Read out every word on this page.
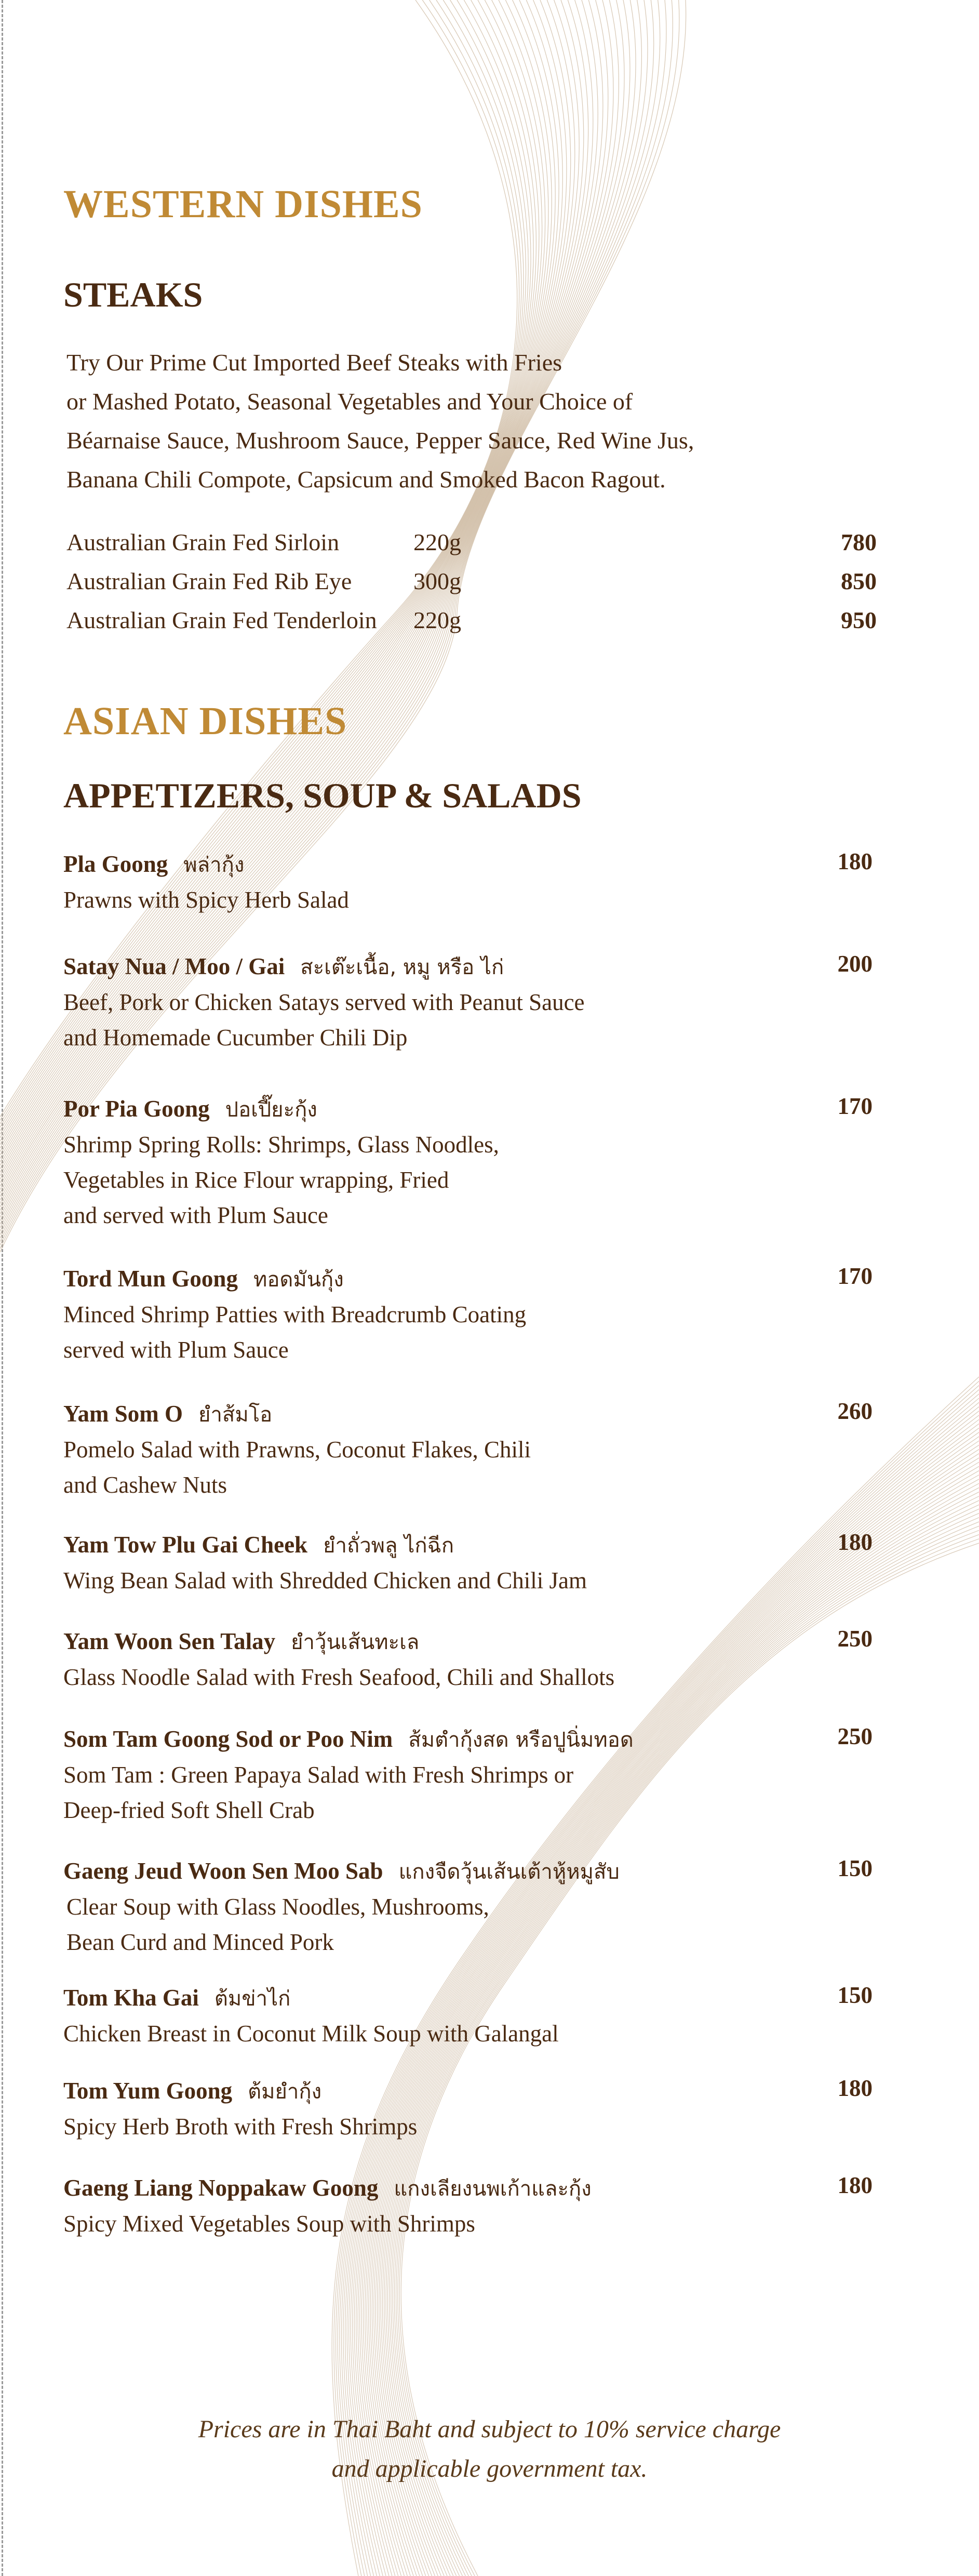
WESTERN DISHES
STEAKS
Try Our Prime Cut Imported Beef Steaks with Fries
or Mashed Potato, Seasonal Vegetables and Your Choice of
Béarnaise Sauce, Mushroom Sauce, Pepper Sauce, Red Wine Jus,
Banana Chili Compote, Capsicum and Smoked Bacon Ragout.
Australian Grain Fed Sirloin	220g	780
Australian Grain Fed Rib Eye	300g	850
Australian Grain Fed Tenderloin 220g	950
ASIAN DISHES
APPETIZERS, SOUP & SALADS
Pla Goong พล่ากุ้ง	180
Prawns with Spicy Herb Salad
Satay Nua / Moo / Gai สะเต๊ะเนื้อ, หมู หรือ ไก่	200
Beef, Pork or Chicken Satays served with Peanut Sauce
and Homemade Cucumber Chili Dip
Por Pia Goong ปอเปี๊ยะกุ้ง	170
Shrimp Spring Rolls: Shrimps, Glass Noodles,
Vegetables in Rice Flour wrapping, Fried
and served with Plum Sauce
Tord Mun Goong ทอดมันกุ้ง	170
Minced Shrimp Patties with Breadcrumb Coating
served with Plum Sauce
Yam Som O ยำส้มโอ	260
Pomelo Salad with Prawns, Coconut Flakes, Chili
and Cashew Nuts
Yam Tow Plu Gai Cheek ยำถั่วพลู ไก่ฉีก	180
Wing Bean Salad with Shredded Chicken and Chili Jam
Yam Woon Sen Talay ยำวุ้นเส้นทะเล	250
Glass Noodle Salad with Fresh Seafood, Chili and Shallots
Som Tam Goong Sod or Poo Nim ส้มตำกุ้งสด หรือปูนิ่มทอด	250
Som Tam : Green Papaya Salad with Fresh Shrimps or
Deep-fried Soft Shell Crab
Gaeng Jeud Woon Sen Moo Sab แกงจืดวุ้นเส้นเต้าหู้หมูสับ	150
Clear Soup with Glass Noodles, Mushrooms,
Bean Curd and Minced Pork
Tom Kha Gai ต้มข่าไก่	150
Chicken Breast in Coconut Milk Soup with Galangal
Tom Yum Goong ต้มยำกุ้ง	180
Spicy Herb Broth with Fresh Shrimps
Gaeng Liang Noppakaw Goong แกงเลียงนพเก้าและกุ้ง	180
Spicy Mixed Vegetables Soup with Shrimps
Prices are in Thai Baht and subject to 10% service charge
and applicable government tax.
